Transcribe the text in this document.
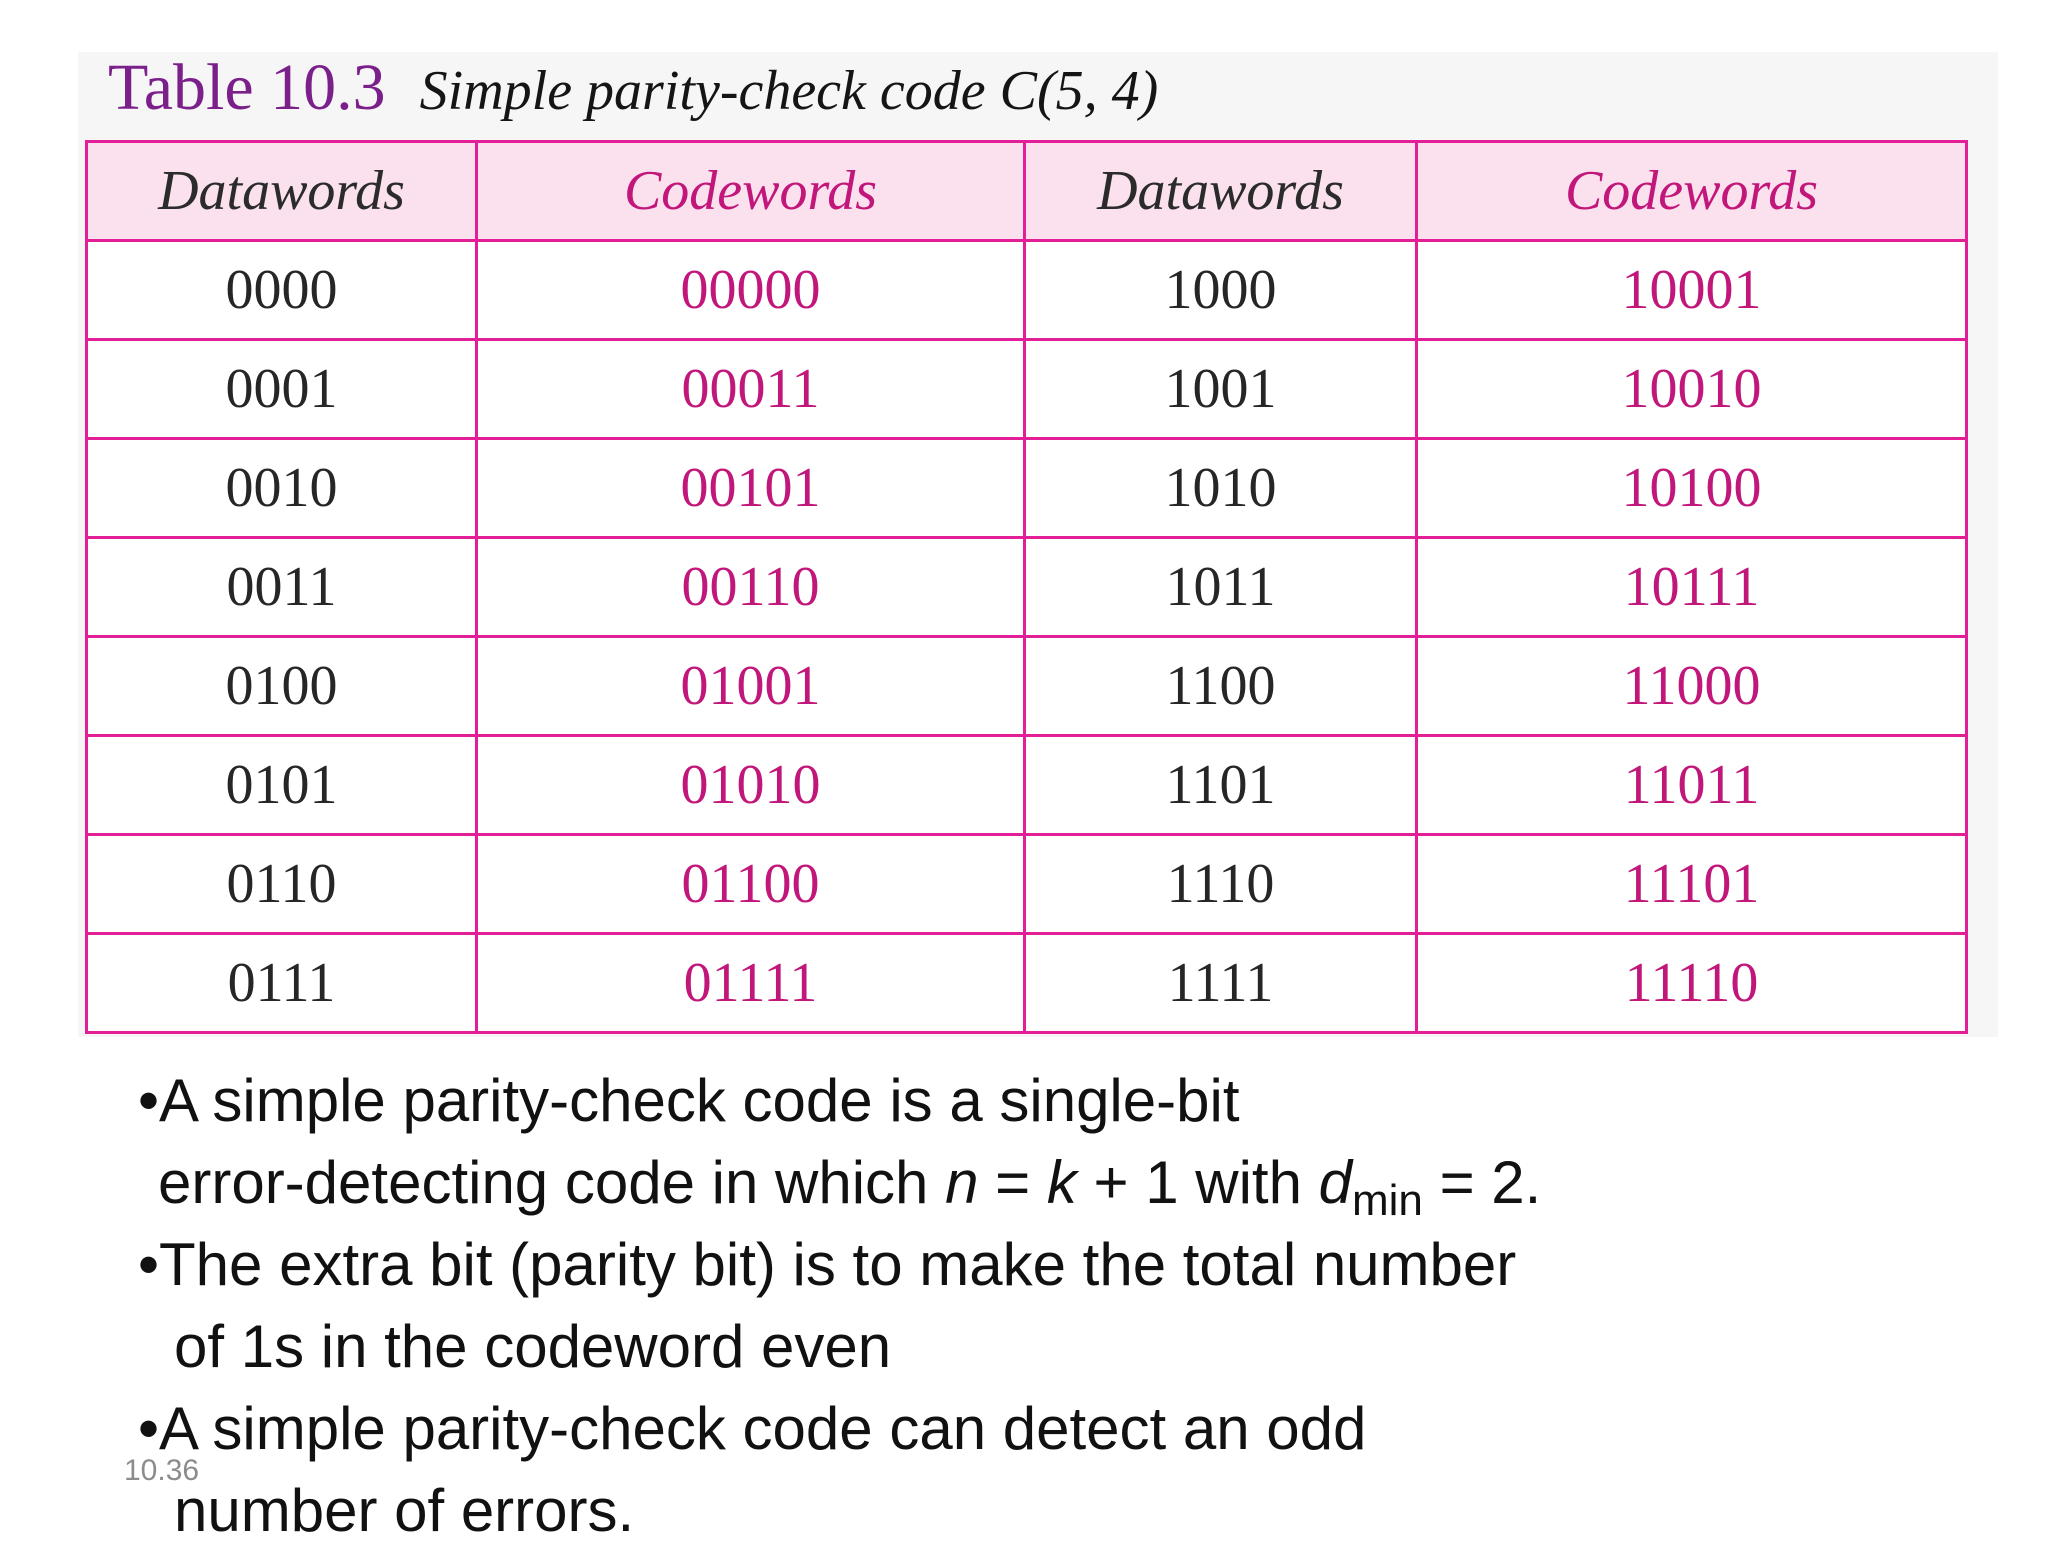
Table 10.3 Simple parity-check code C(5, 4)
Datawords	Codewords	Datawords	Codewords
0000	00000	1000	10001
0001	00011	1001	10010
0010	00101	1010	10100
0011	00110	1011	10111
0100	01001	1100	11000
0101	01010	1101	11011
0110	01100	1110	11101
0111	01111	1111	11110
•A simple parity-check code is a single-bit
error-detecting code in which n = k + 1 with $d_{min} = 2$.
•The extra bit (parity bit) is to make the total number
of 1s in the codeword even
•A simple parity-check code can detect an odd
number of errors.
10.36
